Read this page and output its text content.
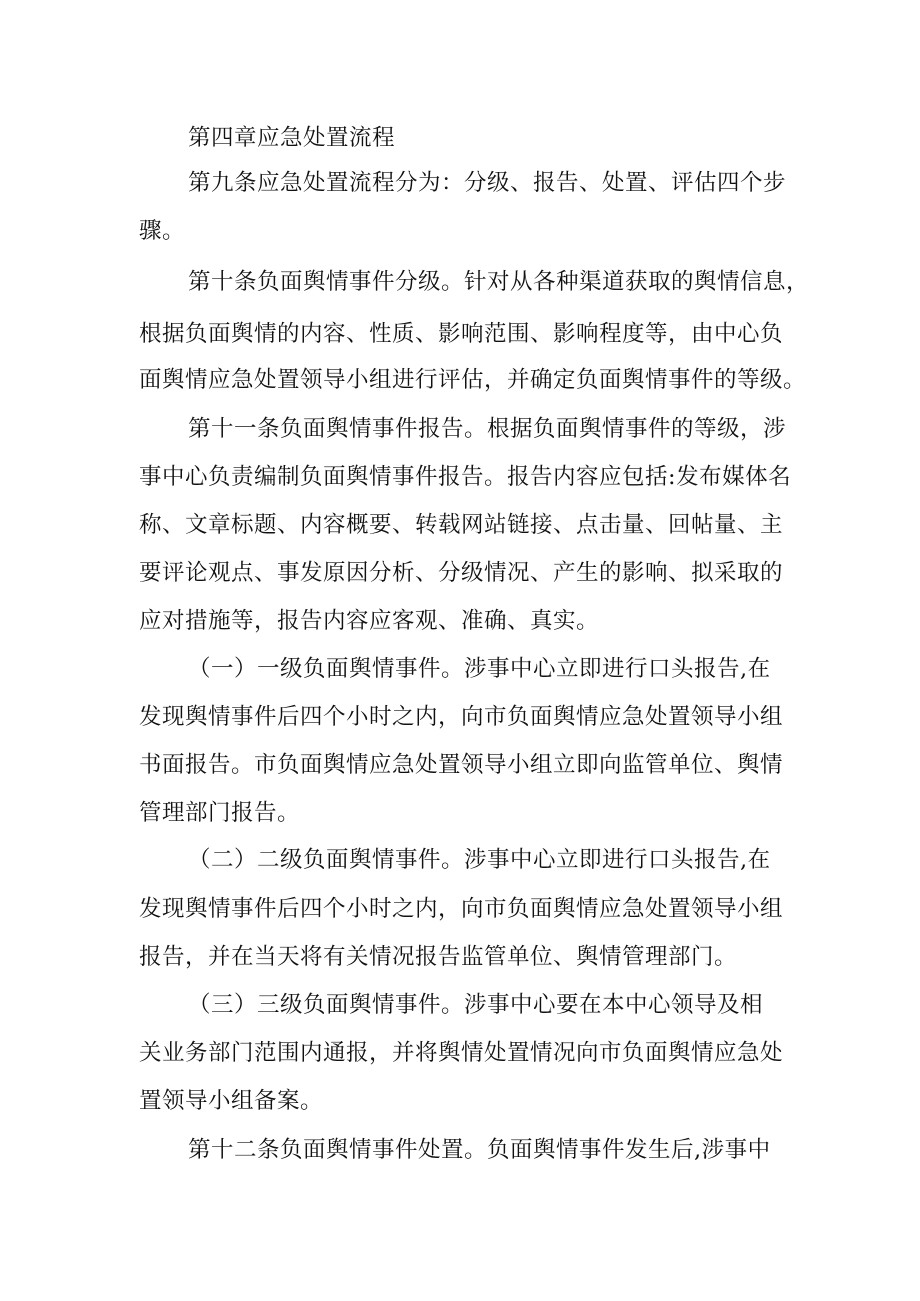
第四章应急处置流程
第九条应急处置流程分为：分级、报告、处置、评估四个步
骤。
第十条负面舆情事件分级。针对从各种渠道获取的舆情信息，
根据负面舆情的内容、性质、影响范围、影响程度等，由中心负
面舆情应急处置领导小组进行评估，并确定负面舆情事件的等级。
第十一条负面舆情事件报告。根据负面舆情事件的等级，涉
事中心负责编制负面舆情事件报告。报告内容应包括:发布媒体名
称、文章标题、内容概要、转载网站链接、点击量、回帖量、主
要评论观点、事发原因分析、分级情况、产生的影响、拟采取的
应对措施等，报告内容应客观、准确、真实。
（一）一级负面舆情事件。涉事中心立即进行口头报告,在
发现舆情事件后四个小时之内，向市负面舆情应急处置领导小组
书面报告。市负面舆情应急处置领导小组立即向监管单位、舆情
管理部门报告。
（二）二级负面舆情事件。涉事中心立即进行口头报告,在
发现舆情事件后四个小时之内，向市负面舆情应急处置领导小组
报告，并在当天将有关情况报告监管单位、舆情管理部门。
（三）三级负面舆情事件。涉事中心要在本中心领导及相
关业务部门范围内通报，并将舆情处置情况向市负面舆情应急处
置领导小组备案。
第十二条负面舆情事件处置。负面舆情事件发生后,涉事中
